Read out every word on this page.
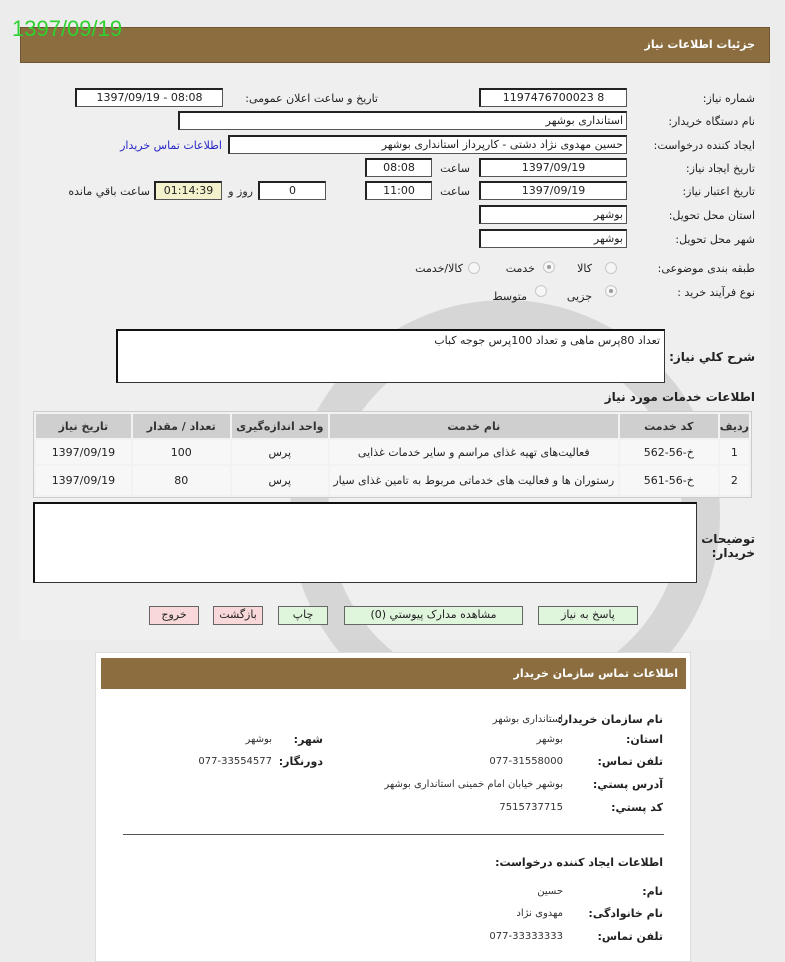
جزئیات اطلاعات نیاز
1397/09/19
شماره نیاز:
1197476700023 8
تاریخ و ساعت اعلان عمومی:
1397/09/19 - 08:08
نام دستگاه خریدار:
استانداری بوشهر
ایجاد کننده درخواست:
حسین مهدوی نژاد دشتی - کارپرداز استانداری بوشهر
اطلاعات تماس خریدار
تاریخ ایجاد نیاز:
1397/09/19
ساعت
08:08
تاریخ اعتبار نیاز:
1397/09/19
ساعت
11:00
0
روز و
01:14:39
ساعت باقي مانده
استان محل تحویل:
بوشهر
شهر محل تحویل:
بوشهر
طبقه بندی موضوعی:
کالا
خدمت
کالا/خدمت
نوع فرآیند خرید :
جزیی
متوسط
شرح کلي نياز:
تعداد 80پرس ماهی و تعداد 100پرس جوجه کباب
اطلاعات خدمات مورد نیاز
ردیف	کد خدمت	نام خدمت	واحد اندازه‌گیری	تعداد / مقدار	تاریخ نیاز
1	خ-56-562	فعالیت‌های تهیه غذای مراسم و سایر خدمات غذایی	پرس	100	1397/09/19
2	خ-56-561	رستوران ها و فعالیت های خدماتی مربوط به تامین غذای سیار	پرس	80	1397/09/19
توضیحات خریدار:
پاسخ به نیاز
مشاهده مدارک پیوستي (0)
چاپ
بازگشت
خروج
اطلاعات تماس سازمان خریدار
نام سازمان خریدار:
استانداری بوشهر
استان:
بوشهر
شهر:
بوشهر
تلفن تماس:
077-31558000
دورنگار:
077-33554577
آدرس پستي:
بوشهر خیابان امام خمینی استانداری بوشهر
کد پستي:
7515737715
اطلاعات ایجاد کننده درخواست:
نام:
حسین
نام خانوادگی:
مهدوی نژاد
تلفن تماس:
077-33333333
